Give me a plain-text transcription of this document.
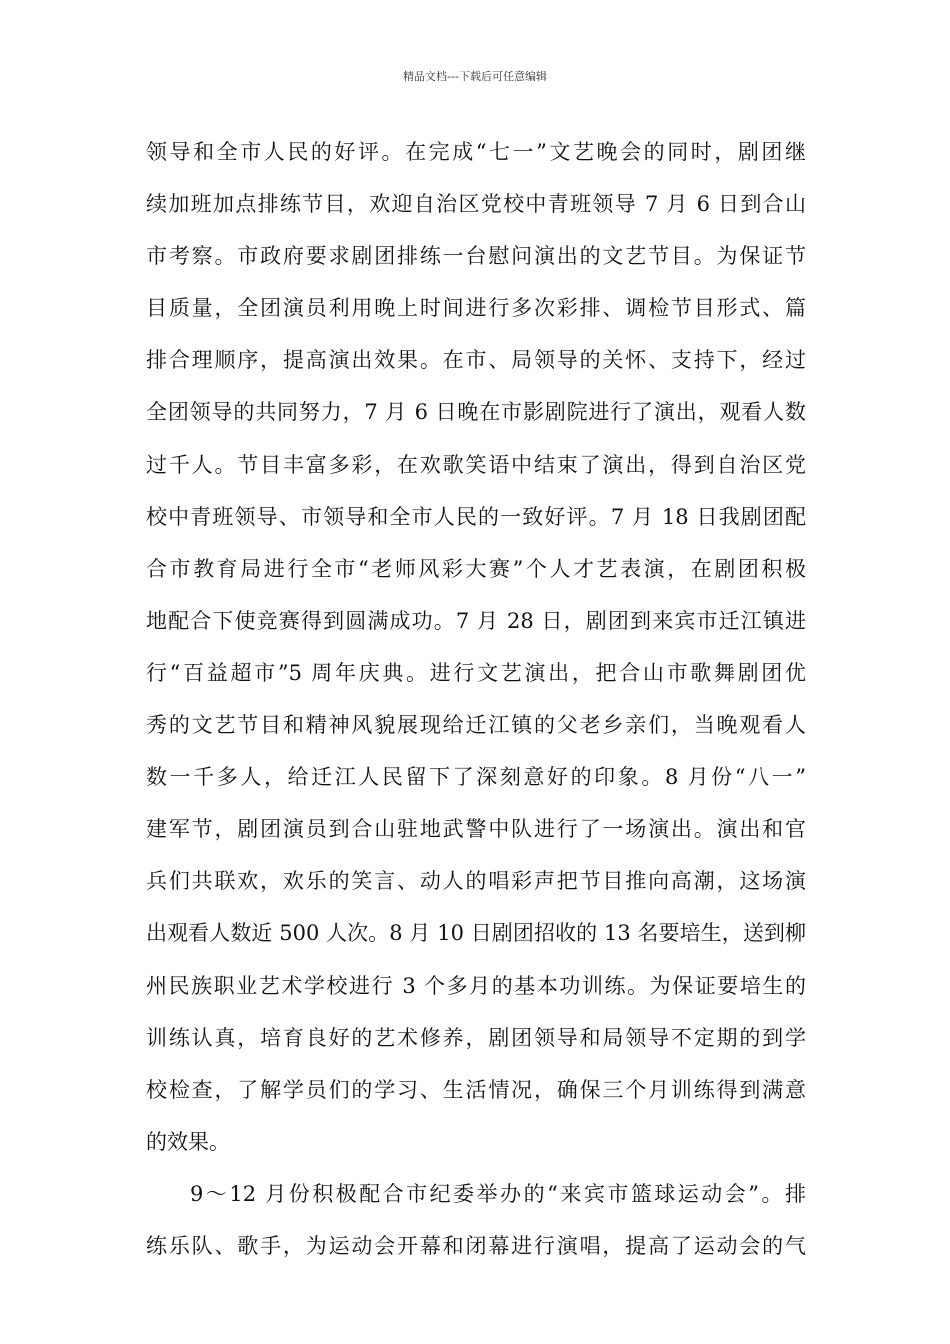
精品文档---下载后可任意编辑
领导和全市人民的好评。在完成“七一”文艺晚会的同时，剧团继
续加班加点排练节目，欢迎自治区党校中青班领导 7 月 6 日到合山
市考察。市政府要求剧团排练一台慰问演出的文艺节目。为保证节
目质量，全团演员利用晚上时间进行多次彩排、调检节目形式、篇
排合理顺序，提高演出效果。在市、局领导的关怀、支持下，经过
全团领导的共同努力，7 月 6 日晚在市影剧院进行了演出，观看人数
过千人。节目丰富多彩，在欢歌笑语中结束了演出，得到自治区党
校中青班领导、市领导和全市人民的一致好评。7 月 18 日我剧团配
合市教育局进行全市“老师风彩大赛”个人才艺表演，在剧团积极
地配合下使竞赛得到圆满成功。7 月 28 日，剧团到来宾市迁江镇进
行“百益超市”5 周年庆典。进行文艺演出，把合山市歌舞剧团优
秀的文艺节目和精神风貌展现给迁江镇的父老乡亲们，当晚观看人
数一千多人，给迁江人民留下了深刻意好的印象。8 月份“八一”
建军节，剧团演员到合山驻地武警中队进行了一场演出。演出和官
兵们共联欢，欢乐的笑言、动人的唱彩声把节目推向高潮，这场演
出观看人数近 500 人次。8 月 10 日剧团招收的 13 名要培生，送到柳
州民族职业艺术学校进行 3 个多月的基本功训练。为保证要培生的
训练认真，培育良好的艺术修养，剧团领导和局领导不定期的到学
校检查，了解学员们的学习、生活情况，确保三个月训练得到满意
的效果。
9～12 月份积极配合市纪委举办的“来宾市篮球运动会”。排
练乐队、歌手，为运动会开幕和闭幕进行演唱，提高了运动会的气
